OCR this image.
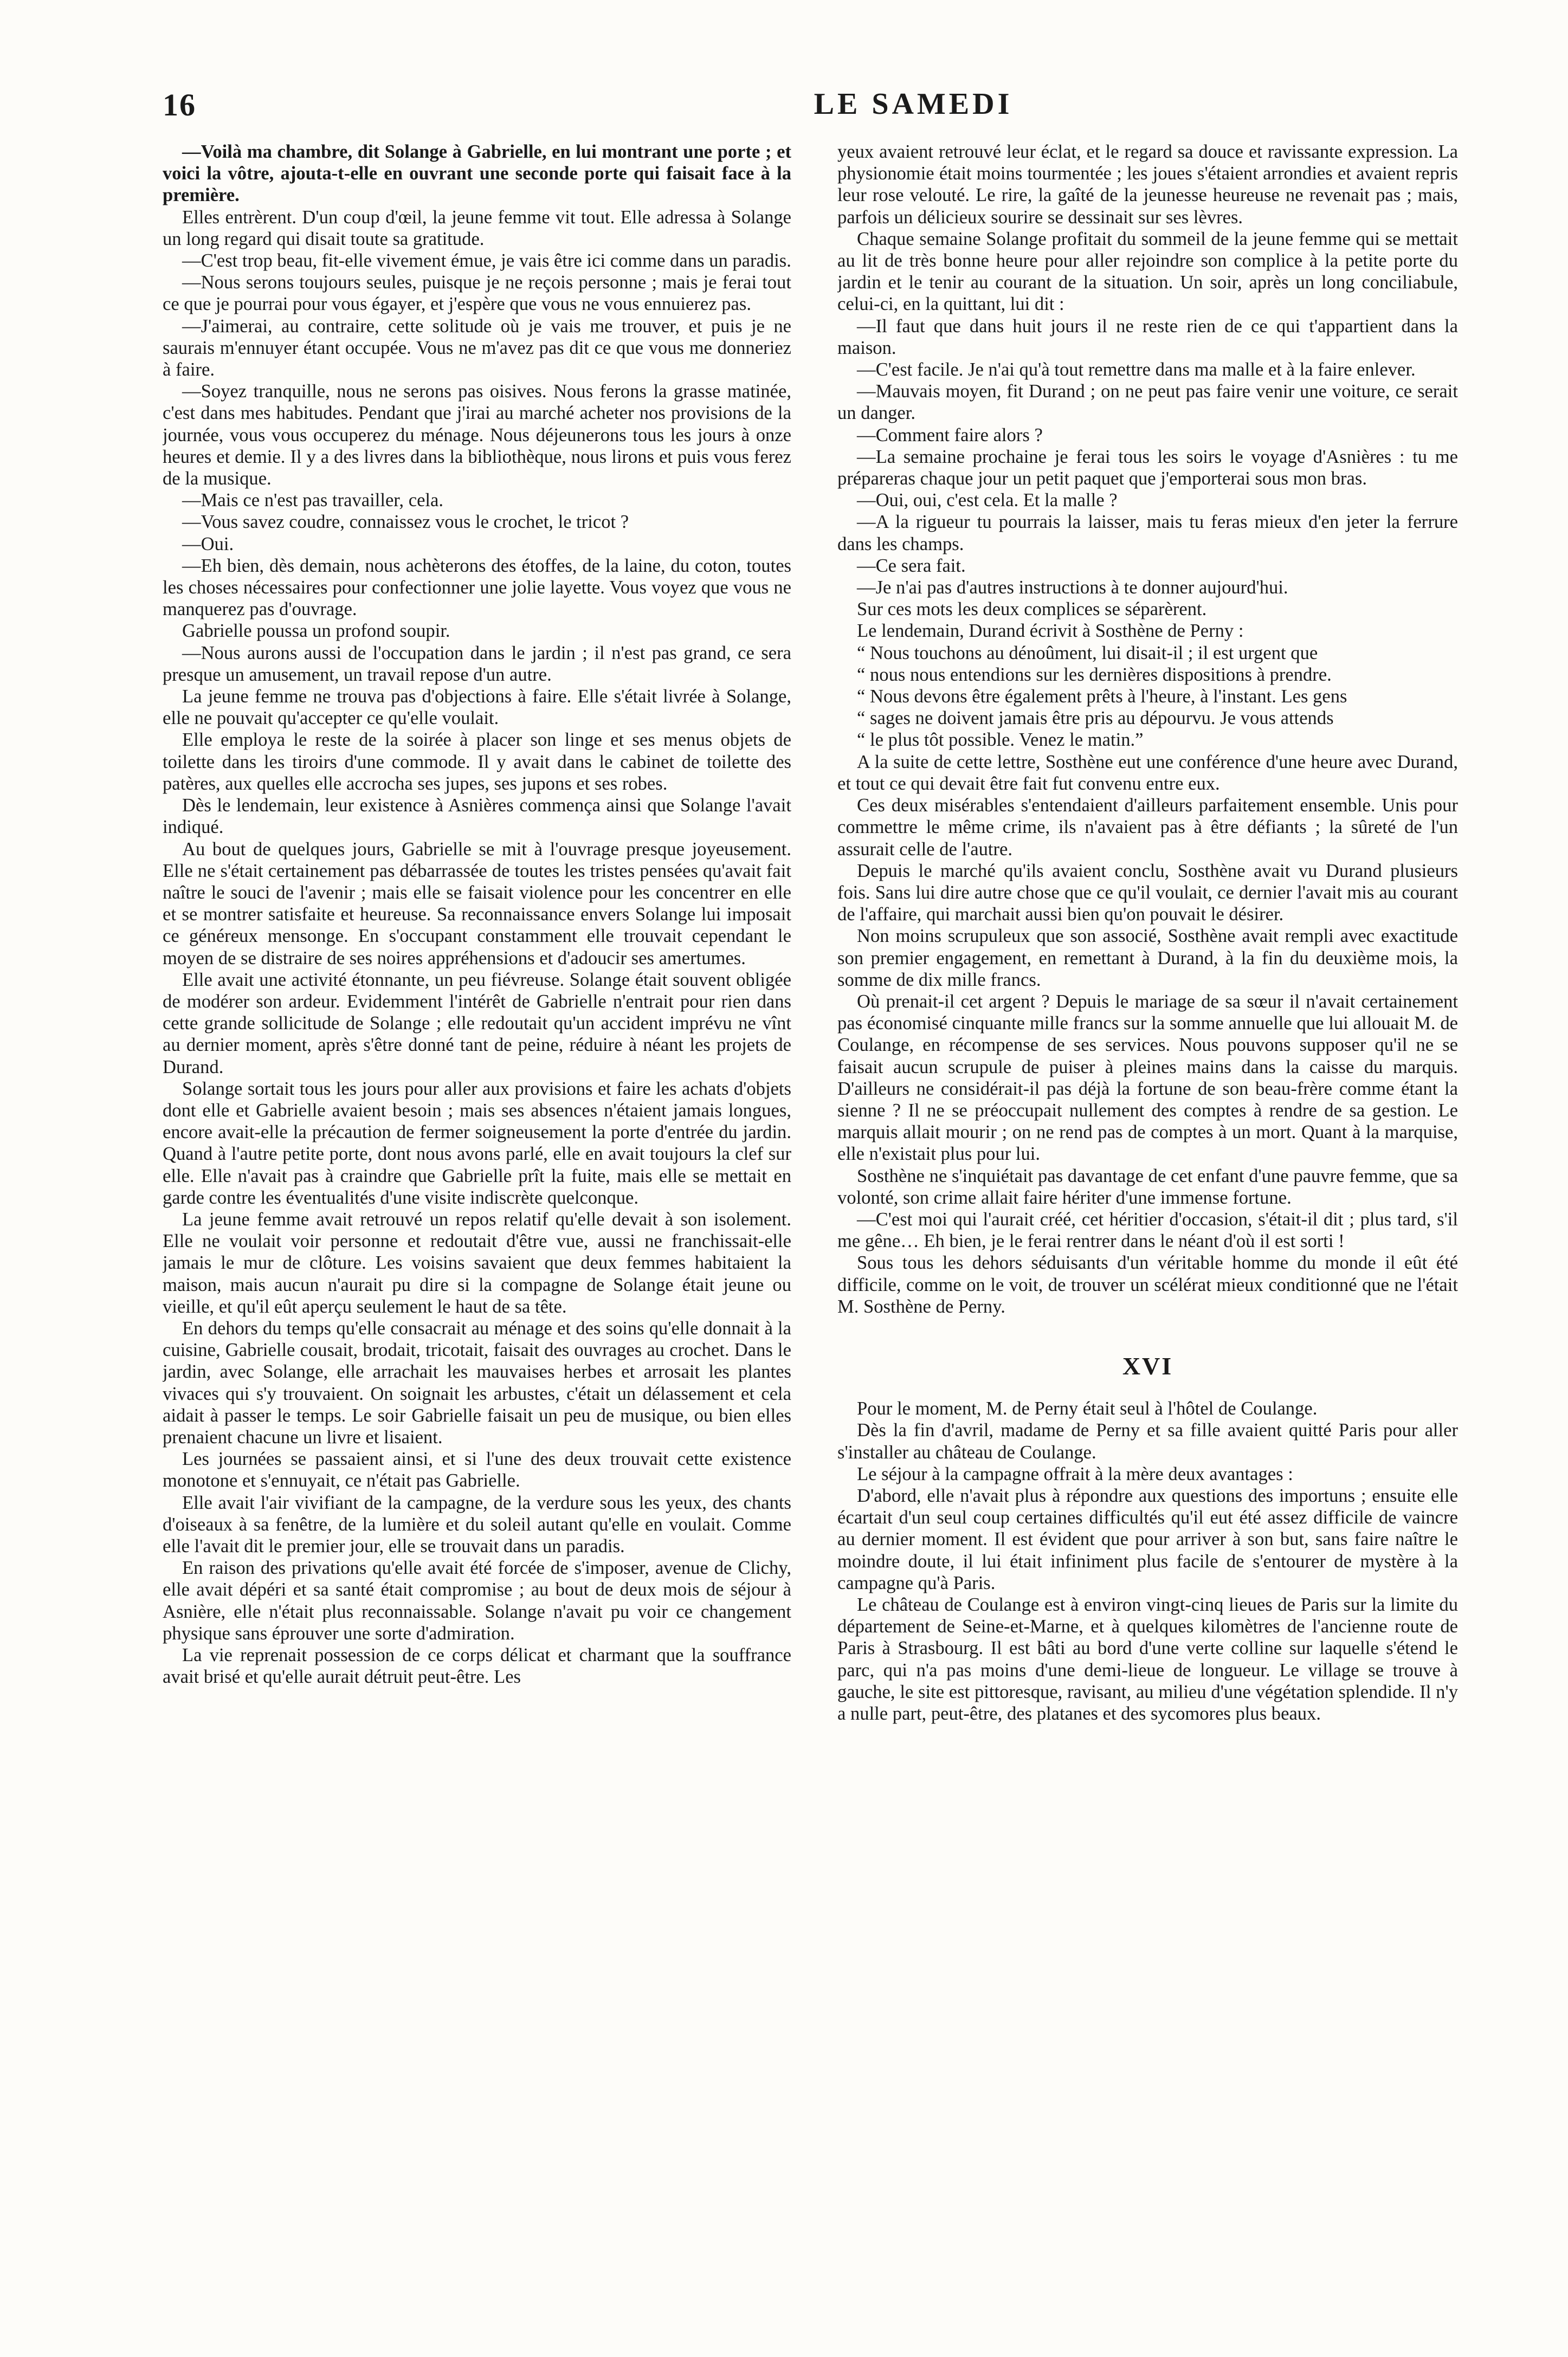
16	LE SAMEDI

—Voilà ma chambre, dit Solange à Gabrielle, en lui montrant une porte ; et voici la vôtre, ajouta-t-elle en ouvrant une seconde porte qui faisait face à la première.

Elles entrèrent. D'un coup d'œil, la jeune femme vit tout. Elle adressa à Solange un long regard qui disait toute sa gratitude.

—C'est trop beau, fit-elle vivement émue, je vais être ici comme dans un paradis.

—Nous serons toujours seules, puisque je ne reçois personne ; mais je ferai tout ce que je pourrai pour vous égayer, et j'espère que vous ne vous ennuierez pas.

—J'aimerai, au contraire, cette solitude où je vais me trouver, et puis je ne saurais m'ennuyer étant occupée. Vous ne m'avez pas dit ce que vous me donneriez à faire.

—Soyez tranquille, nous ne serons pas oisives. Nous ferons la grasse matinée, c'est dans mes habitudes. Pendant que j'irai au marché acheter nos provisions de la journée, vous vous occuperez du ménage. Nous déjeunerons tous les jours à onze heures et demie. Il y a des livres dans la bibliothèque, nous lirons et puis vous ferez de la musique.

—Mais ce n'est pas travailler, cela.

—Vous savez coudre, connaissez vous le crochet, le tricot ?

—Oui.

—Eh bien, dès demain, nous achèterons des étoffes, de la laine, du coton, toutes les choses nécessaires pour confectionner une jolie layette. Vous voyez que vous ne manquerez pas d'ouvrage.

Gabrielle poussa un profond soupir.

—Nous aurons aussi de l'occupation dans le jardin ; il n'est pas grand, ce sera presque un amusement, un travail repose d'un autre.

La jeune femme ne trouva pas d'objections à faire. Elle s'était livrée à Solange, elle ne pouvait qu'accepter ce qu'elle voulait.

Elle employa le reste de la soirée à placer son linge et ses menus objets de toilette dans les tiroirs d'une commode. Il y avait dans le cabinet de toilette des patères, aux quelles elle accrocha ses jupes, ses jupons et ses robes.

Dès le lendemain, leur existence à Asnières commença ainsi que Solange l'avait indiqué.

Au bout de quelques jours, Gabrielle se mit à l'ouvrage presque joyeusement. Elle ne s'était certainement pas débarrassée de toutes les tristes pensées qu'avait fait naître le souci de l'avenir ; mais elle se faisait violence pour les concentrer en elle et se montrer satisfaite et heureuse. Sa reconnaissance envers Solange lui imposait ce généreux mensonge. En s'occupant constamment elle trouvait cependant le moyen de se distraire de ses noires appréhensions et d'adoucir ses amertumes.

Elle avait une activité étonnante, un peu fiévreuse. Solange était souvent obligée de modérer son ardeur. Evidemment l'intérêt de Gabrielle n'entrait pour rien dans cette grande sollicitude de Solange ; elle redoutait qu'un accident imprévu ne vînt au dernier moment, après s'être donné tant de peine, réduire à néant les projets de Durand.

Solange sortait tous les jours pour aller aux provisions et faire les achats d'objets dont elle et Gabrielle avaient besoin ; mais ses absences n'étaient jamais longues, encore avait-elle la précaution de fermer soigneusement la porte d'entrée du jardin. Quand à l'autre petite porte, dont nous avons parlé, elle en avait toujours la clef sur elle. Elle n'avait pas à craindre que Gabrielle prît la fuite, mais elle se mettait en garde contre les éventualités d'une visite indiscrète quelconque.

La jeune femme avait retrouvé un repos relatif qu'elle devait à son isolement. Elle ne voulait voir personne et redoutait d'être vue, aussi ne franchissait-elle jamais le mur de clôture. Les voisins savaient que deux femmes habitaient la maison, mais aucun n'aurait pu dire si la compagne de Solange était jeune ou vieille, et qu'il eût aperçu seulement le haut de sa tête.

En dehors du temps qu'elle consacrait au ménage et des soins qu'elle donnait à la cuisine, Gabrielle cousait, brodait, tricotait, faisait des ouvrages au crochet. Dans le jardin, avec Solange, elle arrachait les mauvaises herbes et arrosait les plantes vivaces qui s'y trouvaient. On soignait les arbustes, c'était un délassement et cela aidait à passer le temps. Le soir Gabrielle faisait un peu de musique, ou bien elles prenaient chacune un livre et lisaient.

Les journées se passaient ainsi, et si l'une des deux trouvait cette existence monotone et s'ennuyait, ce n'était pas Gabrielle.

Elle avait l'air vivifiant de la campagne, de la verdure sous les yeux, des chants d'oiseaux à sa fenêtre, de la lumière et du soleil autant qu'elle en voulait. Comme elle l'avait dit le premier jour, elle se trouvait dans un paradis.

En raison des privations qu'elle avait été forcée de s'imposer, avenue de Clichy, elle avait dépéri et sa santé était compromise ; au bout de deux mois de séjour à Asnière, elle n'était plus reconnaissable. Solange n'avait pu voir ce changement physique sans éprouver une sorte d'admiration.

La vie reprenait possession de ce corps délicat et charmant que la souffrance avait brisé et qu'elle aurait détruit peut-être. Les

yeux avaient retrouvé leur éclat, et le regard sa douce et ravissante expression. La physionomie était moins tourmentée ; les joues s'étaient arrondies et avaient repris leur rose velouté. Le rire, la gaîté de la jeunesse heureuse ne revenait pas ; mais, parfois un délicieux sourire se dessinait sur ses lèvres.

Chaque semaine Solange profitait du sommeil de la jeune femme qui se mettait au lit de très bonne heure pour aller rejoindre son complice à la petite porte du jardin et le tenir au courant de la situation. Un soir, après un long conciliabule, celui-ci, en la quittant, lui dit :

—Il faut que dans huit jours il ne reste rien de ce qui t'appartient dans la maison.

—C'est facile. Je n'ai qu'à tout remettre dans ma malle et à la faire enlever.

—Mauvais moyen, fit Durand ; on ne peut pas faire venir une voiture, ce serait un danger.

—Comment faire alors ?

—La semaine prochaine je ferai tous les soirs le voyage d'Asnières : tu me prépareras chaque jour un petit paquet que j'emporterai sous mon bras.

—Oui, oui, c'est cela. Et la malle ?

—A la rigueur tu pourrais la laisser, mais tu feras mieux d'en jeter la ferrure dans les champs.

—Ce sera fait.

—Je n'ai pas d'autres instructions à te donner aujourd'hui.

Sur ces mots les deux complices se séparèrent.

Le lendemain, Durand écrivit à Sosthène de Perny :

“ Nous touchons au dénoûment, lui disait-il ; il est urgent que

“ nous nous entendions sur les dernières dispositions à prendre.

“ Nous devons être également prêts à l'heure, à l'instant. Les gens

“ sages ne doivent jamais être pris au dépourvu. Je vous attends

“ le plus tôt possible. Venez le matin.”

A la suite de cette lettre, Sosthène eut une conférence d'une heure avec Durand, et tout ce qui devait être fait fut convenu entre eux.

Ces deux misérables s'entendaient d'ailleurs parfaitement ensemble. Unis pour commettre le même crime, ils n'avaient pas à être défiants ; la sûreté de l'un assurait celle de l'autre.

Depuis le marché qu'ils avaient conclu, Sosthène avait vu Durand plusieurs fois. Sans lui dire autre chose que ce qu'il voulait, ce dernier l'avait mis au courant de l'affaire, qui marchait aussi bien qu'on pouvait le désirer.

Non moins scrupuleux que son associé, Sosthène avait rempli avec exactitude son premier engagement, en remettant à Durand, à la fin du deuxième mois, la somme de dix mille francs.

Où prenait-il cet argent ? Depuis le mariage de sa sœur il n'avait certainement pas économisé cinquante mille francs sur la somme annuelle que lui allouait M. de Coulange, en récompense de ses services. Nous pouvons supposer qu'il ne se faisait aucun scrupule de puiser à pleines mains dans la caisse du marquis. D'ailleurs ne considérait-il pas déjà la fortune de son beau-frère comme étant la sienne ? Il ne se préoccupait nullement des comptes à rendre de sa gestion. Le marquis allait mourir ; on ne rend pas de comptes à un mort. Quant à la marquise, elle n'existait plus pour lui.

Sosthène ne s'inquiétait pas davantage de cet enfant d'une pauvre femme, que sa volonté, son crime allait faire hériter d'une immense fortune.

—C'est moi qui l'aurait créé, cet héritier d'occasion, s'était-il dit ; plus tard, s'il me gêne… Eh bien, je le ferai rentrer dans le néant d'où il est sorti !

Sous tous les dehors séduisants d'un véritable homme du monde il eût été difficile, comme on le voit, de trouver un scélérat mieux conditionné que ne l'était M. Sosthène de Perny.

XVI

Pour le moment, M. de Perny était seul à l'hôtel de Coulange.

Dès la fin d'avril, madame de Perny et sa fille avaient quitté Paris pour aller s'installer au château de Coulange.

Le séjour à la campagne offrait à la mère deux avantages :

D'abord, elle n'avait plus à répondre aux questions des importuns ; ensuite elle écartait d'un seul coup certaines difficultés qu'il eut été assez difficile de vaincre au dernier moment. Il est évident que pour arriver à son but, sans faire naître le moindre doute, il lui était infiniment plus facile de s'entourer de mystère à la campagne qu'à Paris.

Le château de Coulange est à environ vingt-cinq lieues de Paris sur la limite du département de Seine-et-Marne, et à quelques kilomètres de l'ancienne route de Paris à Strasbourg. Il est bâti au bord d'une verte colline sur laquelle s'étend le parc, qui n'a pas moins d'une demi-lieue de longueur. Le village se trouve à gauche, le site est pittoresque, ravisant, au milieu d'une végétation splendide. Il n'y a nulle part, peut-être, des platanes et des sycomores plus beaux.
